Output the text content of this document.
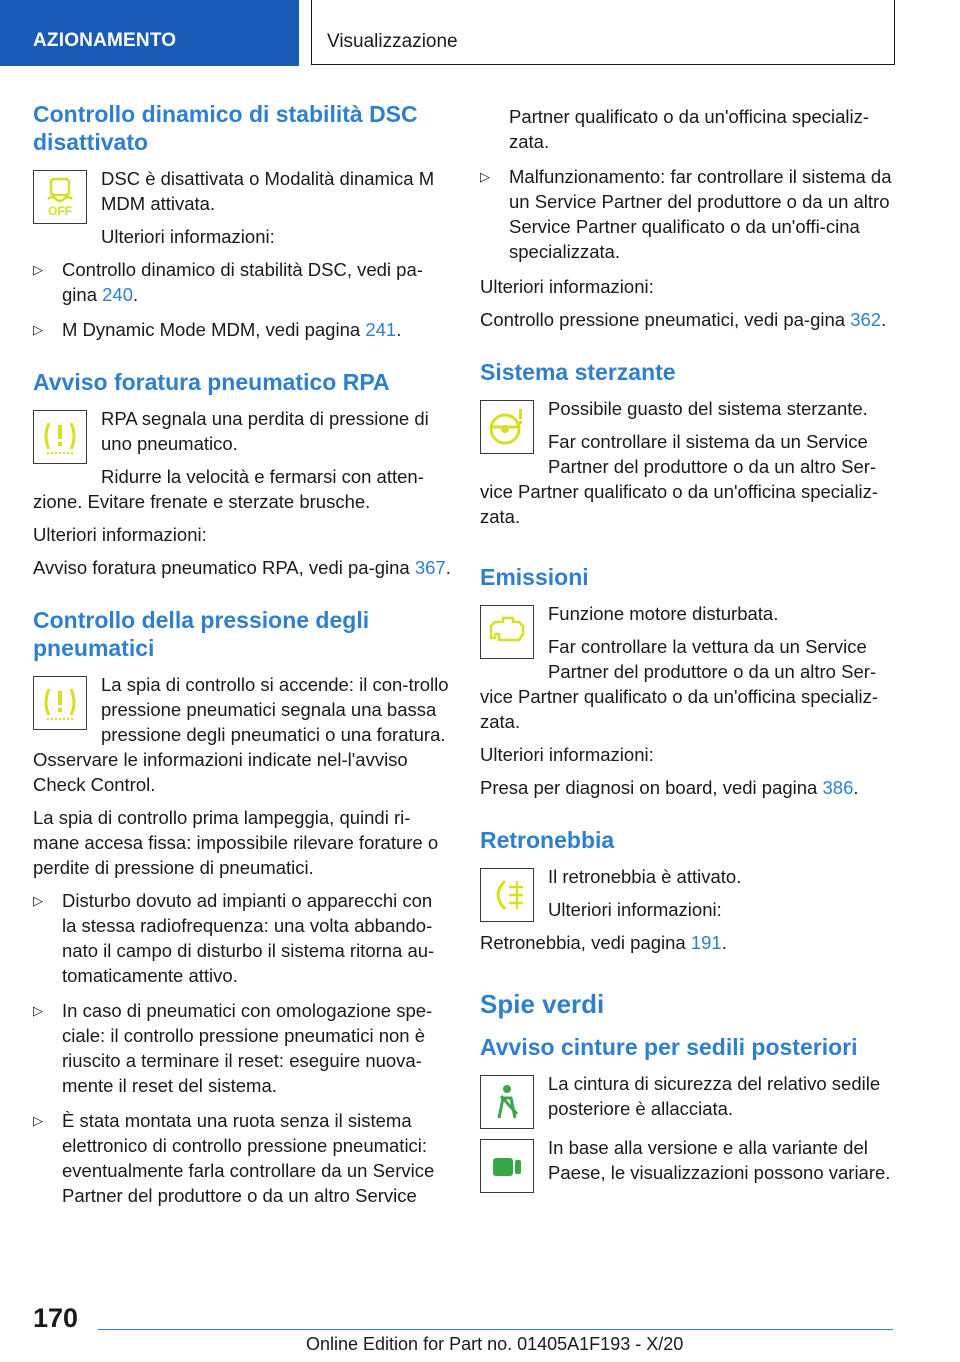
AZIONAMENTO	Visualizzazione
Controllo dinamico di stabilità DSC disattivato
OFF

DSC è disattivata o Modalità dinamica M MDM attivata.

Ulteriori informazioni:

▷ Controllo dinamico di stabilità DSC, vedi pa-gina 240.
▷ M Dynamic Mode MDM, vedi pagina 241.
Avviso foratura pneumatico RPA

RPA segnala una perdita di pressione di uno pneumatico.

Ridurre la velocità e fermarsi con atten-zione. Evitare frenate e sterzate brusche.

Ulteriori informazioni:

Avviso foratura pneumatico RPA, vedi pa-gina 367.

Controllo della pressione degli pneumatici

La spia di controllo si accende: il con-trollo pressione pneumatici segnala una bassa pressione degli pneumatici o una foratura. Osservare le informazioni indicate nel-l'avviso Check Control.

La spia di controllo prima lampeggia, quindi ri-mane accesa fissa: impossibile rilevare forature o perdite di pressione di pneumatici.

▷ Disturbo dovuto ad impianti o apparecchi con la stessa radiofrequenza: una volta abbando-nato il campo di disturbo il sistema ritorna au-tomaticamente attivo.
▷ In caso di pneumatici con omologazione spe-ciale: il controllo pressione pneumatici non è riuscito a terminare il reset: eseguire nuova-mente il reset del sistema.
▷ È stata montata una ruota senza il sistema elettronico di controllo pressione pneumatici: eventualmente farla controllare da un Service Partner del produttore o da un altro Service

Partner qualificato o da un'officina specializ-zata.

▷ Malfunzionamento: far controllare il sistema da un Service Partner del produttore o da un altro Service Partner qualificato o da un'offi-cina specializzata.

Ulteriori informazioni:

Controllo pressione pneumatici, vedi pa-gina 362.

Sistema sterzante

Possibile guasto del sistema sterzante.

Far controllare il sistema da un Service Partner del produttore o da un altro Ser-vice Partner qualificato o da un'officina specializ-zata.

Emissioni

Funzione motore disturbata.

Far controllare la vettura da un Service Partner del produttore o da un altro Ser-vice Partner qualificato o da un'officina specializ-zata.

Ulteriori informazioni:

Presa per diagnosi on board, vedi pagina 386.

Retronebbia

Il retronebbia è attivato.

Ulteriori informazioni:

Retronebbia, vedi pagina 191.

Spie verdi
Avviso cinture per sedili posteriori

La cintura di sicurezza del relativo sedile posteriore è allacciata.

In base alla versione e alla variante del Paese, le visualizzazioni possono variare.

170
Online Edition for Part no. 01405A1F193 - X/20
